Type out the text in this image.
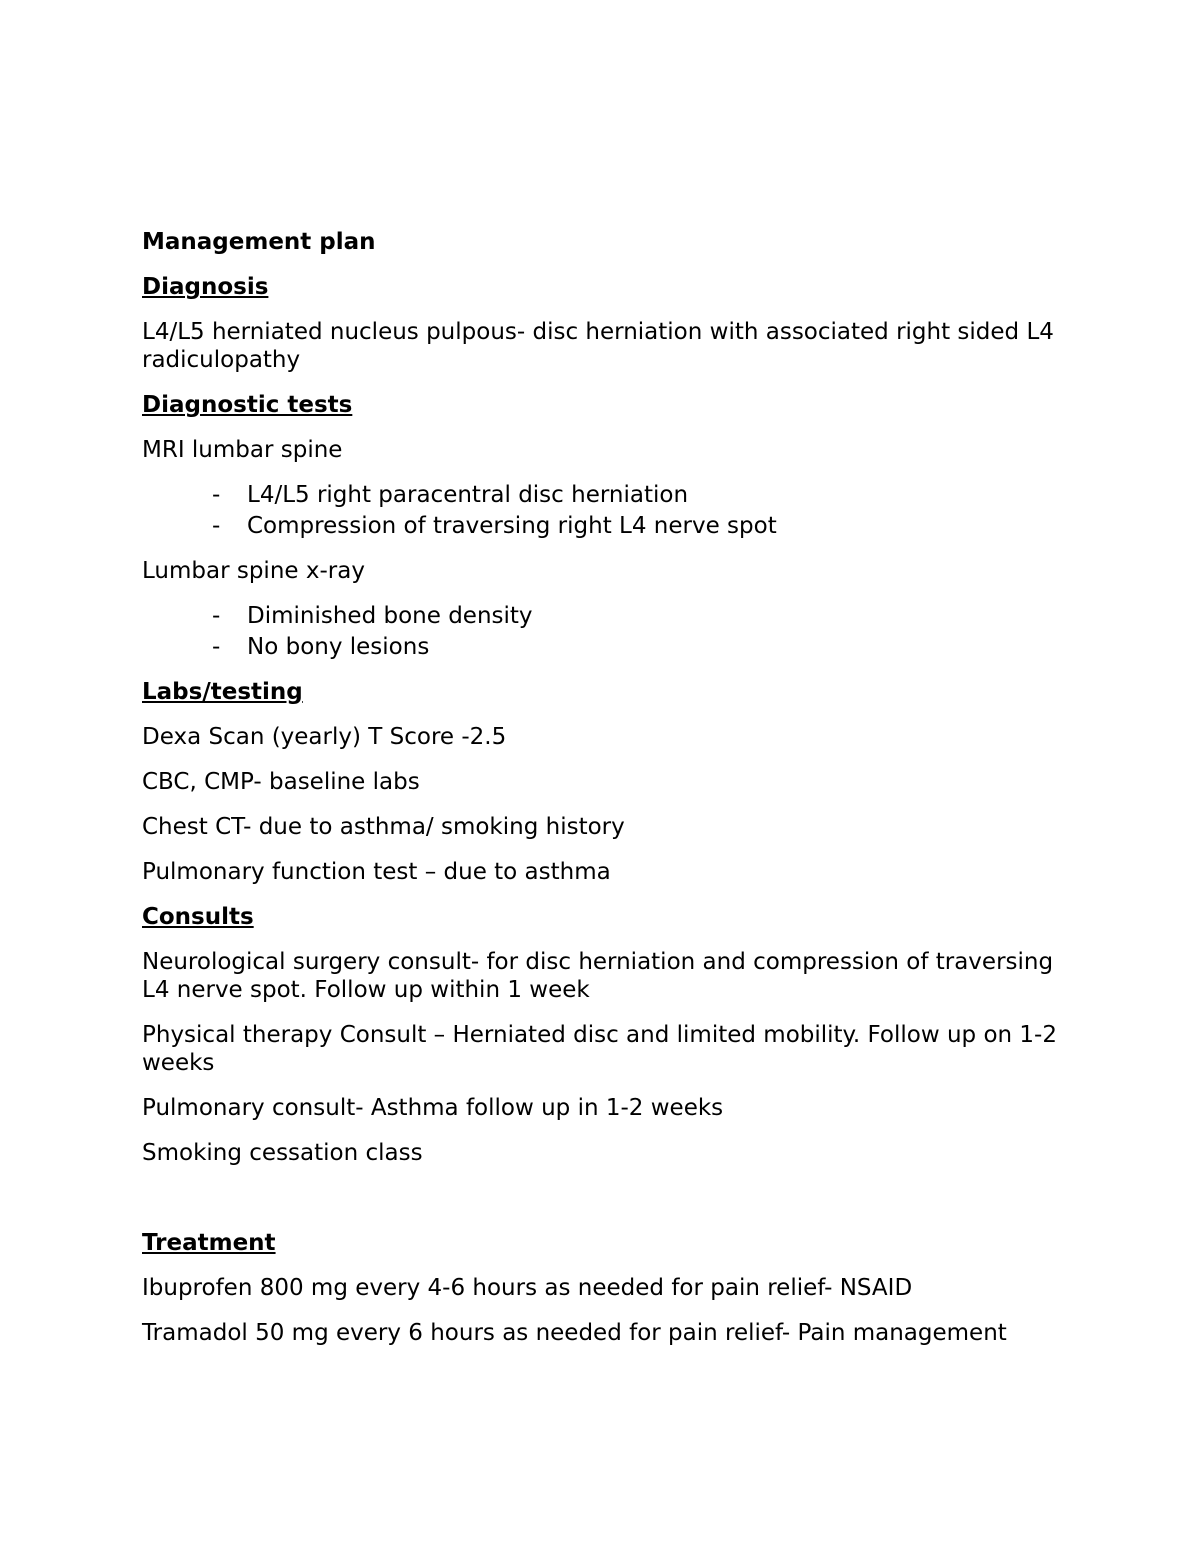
Management plan
Diagnosis

L4/L5 herniated nucleus pulpous- disc herniation with associated right sided L4 radiculopathy

Diagnostic tests

MRI lumbar spine

- L4/L5 right paracentral disc herniation
- Compression of traversing right L4 nerve spot

Lumbar spine x-ray

- Diminished bone density
- No bony lesions
Labs/testing

Dexa Scan (yearly) T Score -2.5

CBC, CMP- baseline labs

Chest CT- due to asthma/ smoking history

Pulmonary function test – due to asthma

Consults

Neurological surgery consult- for disc herniation and compression of traversing L4 nerve spot. Follow up within 1 week

Physical therapy Consult – Herniated disc and limited mobility. Follow up on 1-2 weeks

Pulmonary consult- Asthma follow up in 1-2 weeks

Smoking cessation class

Treatment

Ibuprofen 800 mg every 4-6 hours as needed for pain relief- NSAID

Tramadol 50 mg every 6 hours as needed for pain relief- Pain management
